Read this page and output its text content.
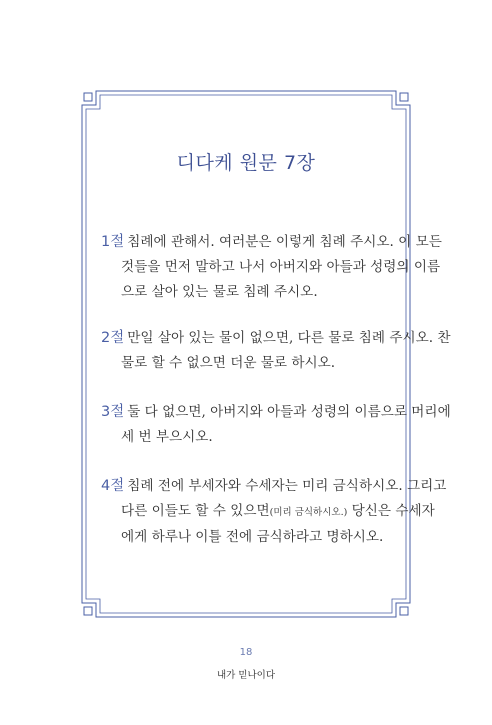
디다케 원문 7장
1절 침례에 관해서. 여러분은 이렇게 침례 주시오. 이 모든
것들을 먼저 말하고 나서 아버지와 아들과 성령의 이름
으로 살아 있는 물로 침례 주시오.
2절 만일 살아 있는 물이 없으면, 다른 물로 침례 주시오. 찬
물로 할 수 없으면 더운 물로 하시오.
3절 둘 다 없으면, 아버지와 아들과 성령의 이름으로 머리에
세 번 부으시오.
4절 침례 전에 부세자와 수세자는 미리 금식하시오. 그리고
다른 이들도 할 수 있으면(미리 금식하시오.) 당신은 수세자
에게 하루나 이틀 전에 금식하라고 명하시오.
18
내가 믿나이다
